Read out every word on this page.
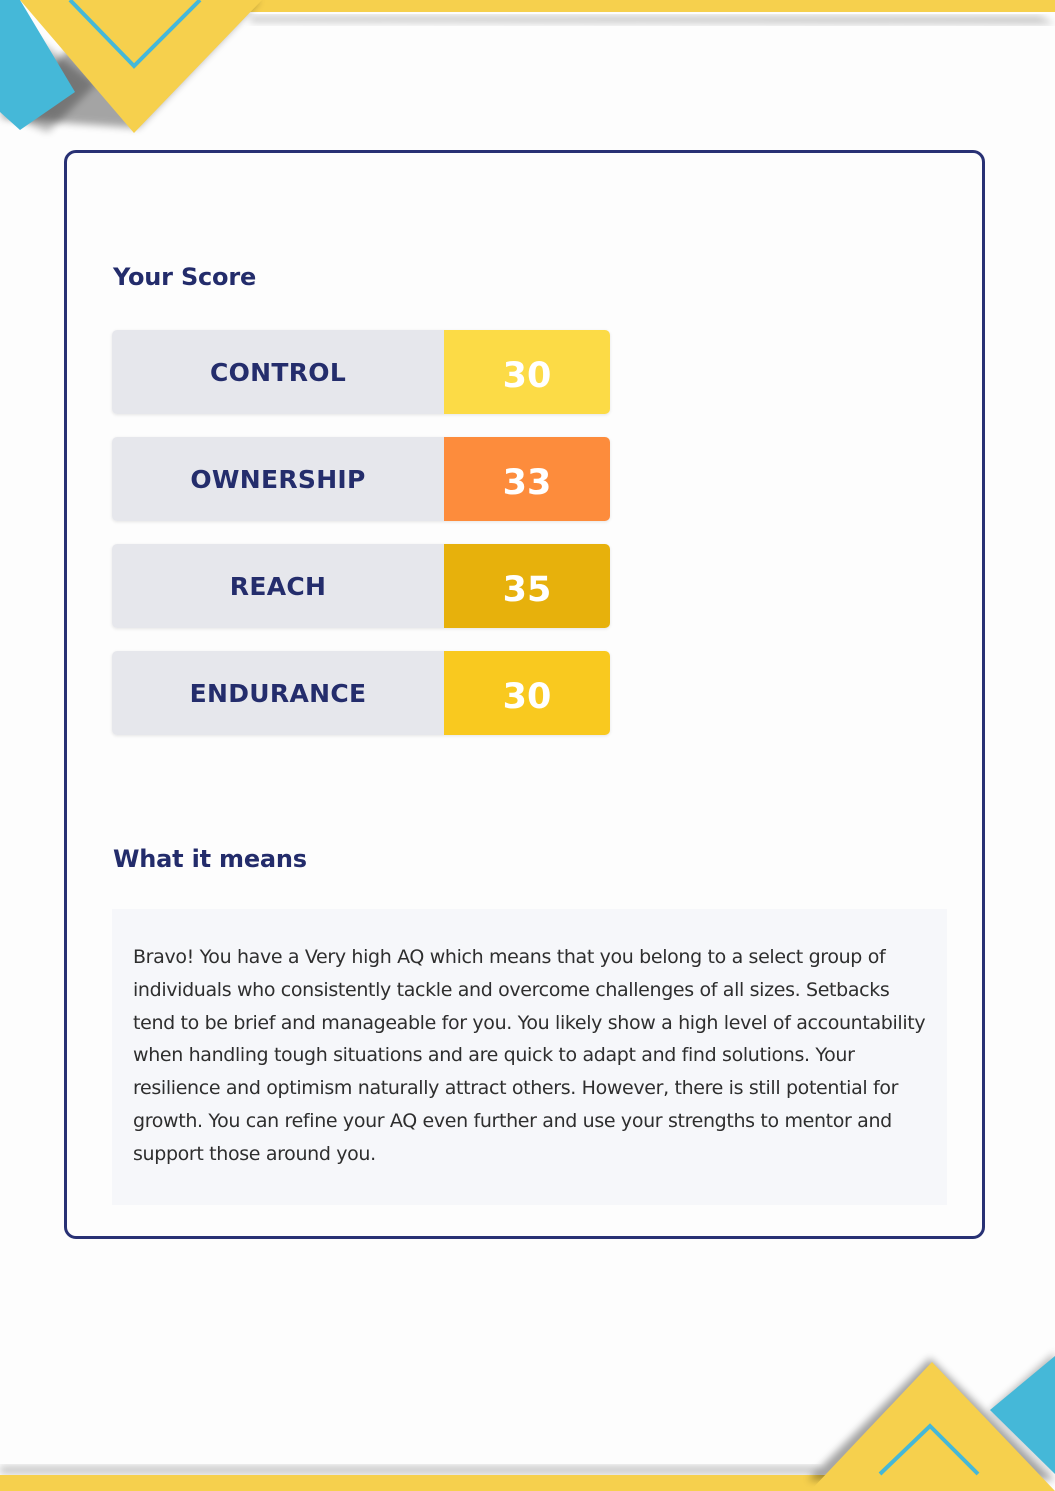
Your Score
CONTROL	30
OWNERSHIP	33
REACH	35
ENDURANCE	30
What it means

Bravo! You have a Very high AQ which means that you belong to a select group of individuals who consistently tackle and overcome challenges of all sizes. Setbacks tend to be brief and manageable for you. You likely show a high level of accountability when handling tough situations and are quick to adapt and find solutions. Your resilience and optimism naturally attract others. However, there is still potential for growth. You can refine your AQ even further and use your strengths to mentor and support those around you.
